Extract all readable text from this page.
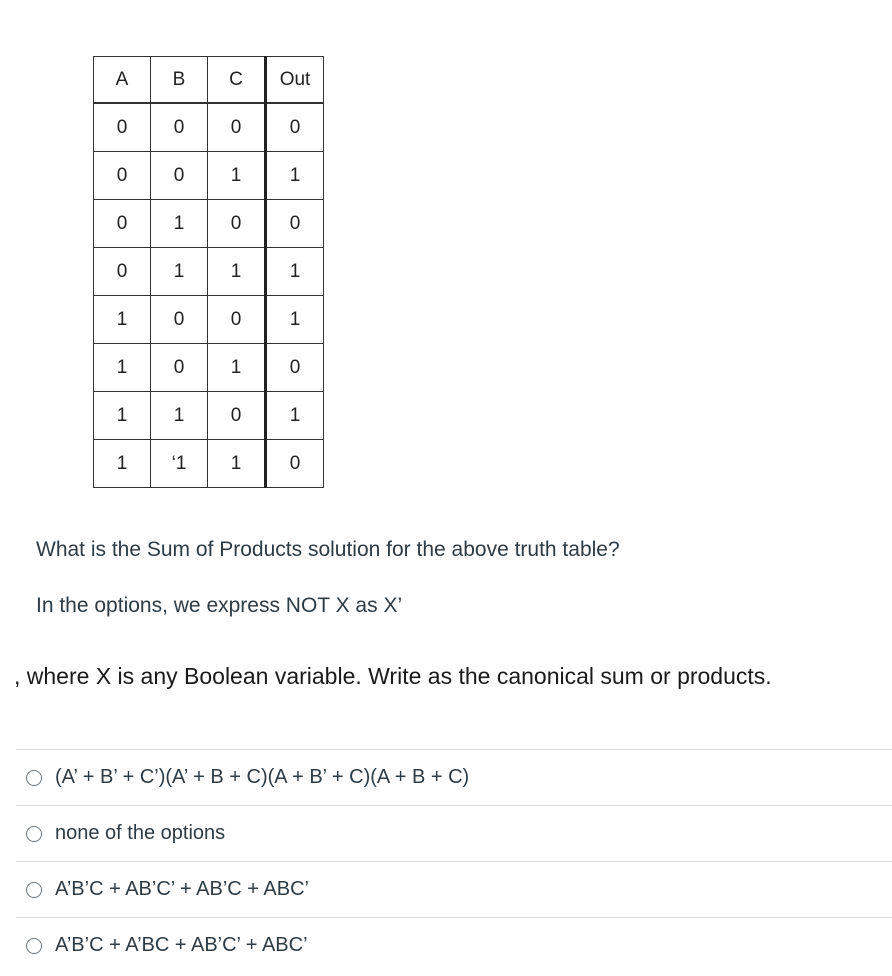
A	B	C	Out
0	0	0	0
0	0	1	1
0	1	0	0
0	1	1	1
1	0	0	1
1	0	1	0
1	1	0	1
1	‘1	1	0
What is the Sum of Products solution for the above truth table?
In the options, we express NOT X as X’
, where X is any Boolean variable. Write as the canonical sum or products.
(A’ + B’ + C’)(A’ + B + C)(A + B’ + C)(A + B + C)
none of the options
A’B’C + AB’C’ + AB’C + ABC’
A’B’C + A’BC + AB’C’ + ABC’
